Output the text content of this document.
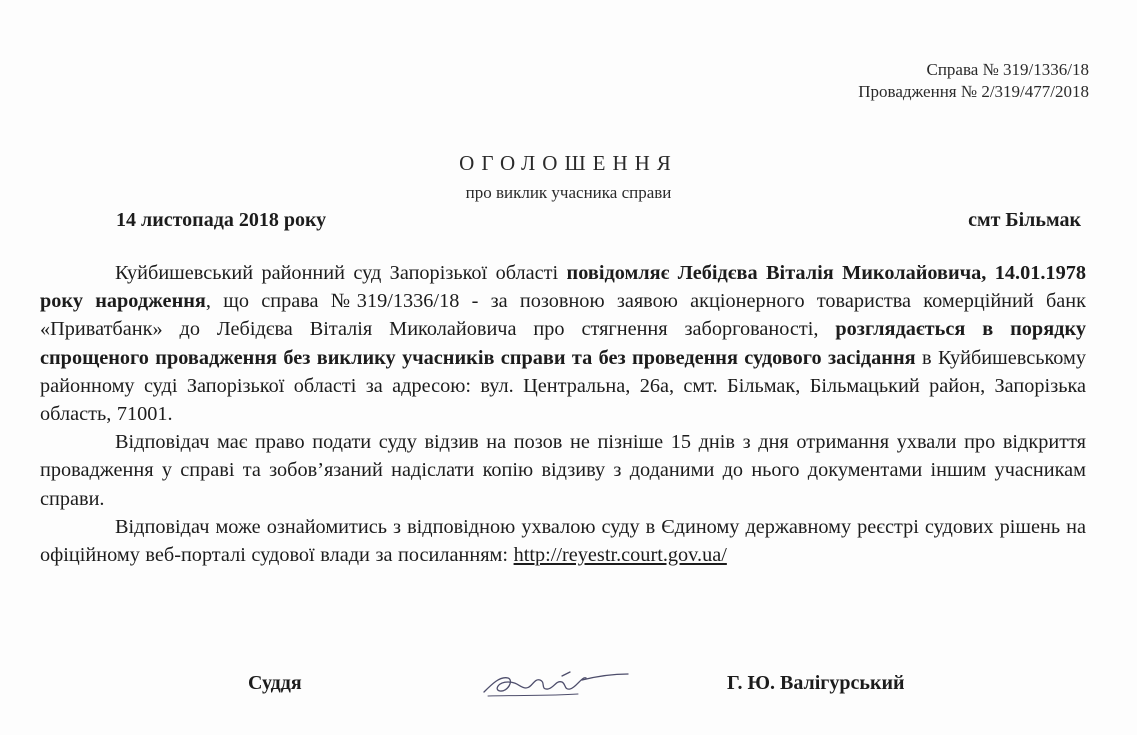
Справа № 319/1336/18
Провадження № 2/319/477/2018
ОГОЛОШЕННЯ
про виклик учасника справи
14 листопада 2018 року	смт Більмак

Куйбишевський районний суд Запорізької області повідомляє Лебідєва Віталія Миколайовича, 14.01.1978 року народження, що справа №319/1336/18 - за позовною заявою акціонерного товариства комерційний банк «Приватбанк» до Лебідєва Віталія Миколайовича про стягнення заборгованості, розглядається в порядку спрощеного провадження без виклику учасників справи та без проведення судового засідання в Куйбишевському районному суді Запорізької області за адресою: вул. Центральна, 26а, смт. Більмак, Більмацький район, Запорізька область, 71001.

Відповідач має право подати суду відзив на позов не пізніше 15 днів з дня отримання ухвали про відкриття провадження у справі та зобов’язаний надіслати копію відзиву з доданими до нього документами іншим учасникам справи.

Відповідач може ознайомитись з відповідною ухвалою суду в Єдиному державному реєстрі судових рішень на офіційному веб-порталі судової влади за посиланням: http://reyestr.court.gov.ua/

Суддя	Г. Ю. Валігурський
